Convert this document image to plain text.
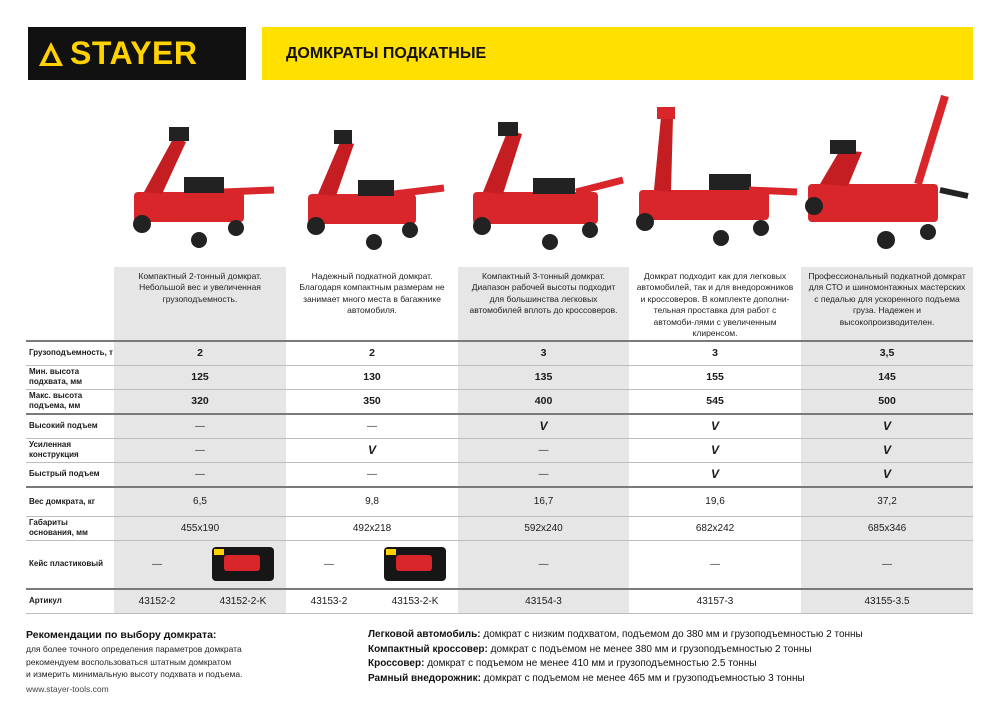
STAYER	ДОМКРАТЫ ПОДКАТНЫЕ
	Компактный 2-тонный домкрат. Небольшой вес и увеличенная грузоподъемность.		Надежный подкатной домкрат. Благодаря компактным размерам не занимает много места в багажнике автомобиля.		Компактный 3-тонный домкрат. Диапазон рабочей высоты подходит для большинства легковых автомобилей вплоть до кроссоверов.	Домкрат подходит как для легковых автомобилей, так и для внедорожников и кроссоверов. В комплекте дополни-тельная проставка для работ с автомоби-лями с увеличенным клиренсом.	Профессиональный подкатной домкрат для СТО и шиномонтажных мастерских с педалью для ускоренного подъема груза. Надежен и высокопроизводителен.
Грузоподъемность, т	2		2		3	3	3,5
Мин. высота подхвата, мм	125		130		135	155	145
Макс. высота подъема, мм	320		350		400	545	500
Высокий подъем	—		—		V	V	V
Усиленная конструкция	—		V		—	V	V
Быстрый подъем	—		—		—	V	V
Вес домкрата, кг	6,5		9,8		16,7	19,6	37,2
Габариты основания, мм	455x190		492x218		592x240	682x242	685x346
Кейс пластиковый	—		—		—	—	—
Артикул	43152-2	43152-2-K	43153-2	43153-2-K	43154-3	43157-3	43155-3.5
Рекомендации по выбору домкрата:
для более точного определения параметров домкрата
рекомендуем воспользоваться штатным домкратом
и измерить минимальную высоту подхвата и подъема.
www.stayer-tools.com
Легковой автомобиль: домкрат с низким подхватом, подъемом до 380 мм и грузоподъемностью 2 тонны
Компактный кроссовер: домкрат с подъемом не менее 380 мм и грузоподъемностью 2 тонны
Кроссовер: домкрат с подъемом не менее 410 мм и грузоподъемностью 2.5 тонны
Рамный внедорожник: домкрат с подъемом не менее 465 мм и грузоподъемностью 3 тонны
